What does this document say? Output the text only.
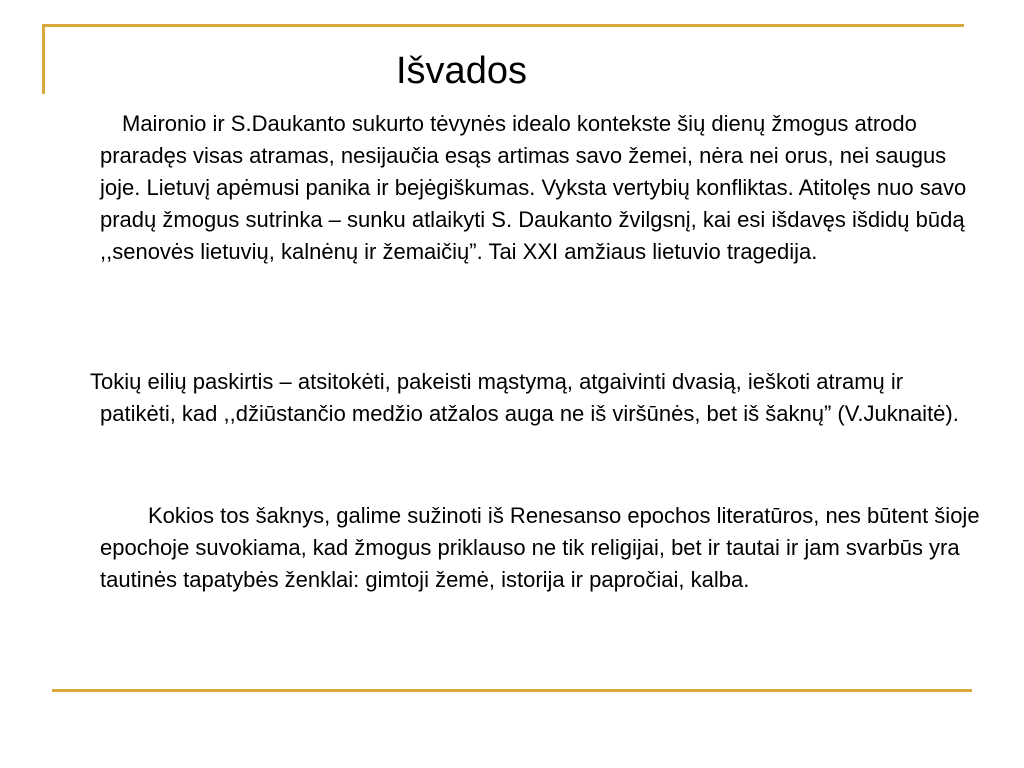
Išvados

Maironio ir S.Daukanto sukurto tėvynės idealo kontekste šių dienų žmogus atrodo praradęs visas atramas, nesijaučia esąs artimas savo žemei, nėra nei orus, nei saugus joje. Lietuvį apėmusi panika ir bejėgiškumas. Vyksta vertybių konfliktas. Atitolęs nuo savo pradų žmogus sutrinka – sunku atlaikyti S. Daukanto žvilgsnį, kai esi išdavęs išdidų būdą ,,senovės lietuvių, kalnėnų ir žemaičių”. Tai XXI amžiaus lietuvio tragedija.

Tokių eilių paskirtis – atsitokėti, pakeisti mąstymą, atgaivinti dvasią, ieškoti atramų ir patikėti, kad ,,džiūstančio medžio atžalos auga ne iš viršūnės, bet iš šaknų” (V.Juknaitė).

Kokios tos šaknys, galime sužinoti iš Renesanso epochos literatūros, nes būtent šioje epochoje suvokiama, kad žmogus priklauso ne tik religijai, bet ir tautai ir jam svarbūs yra tautinės tapatybės ženklai: gimtoji žemė, istorija ir papročiai, kalba.
